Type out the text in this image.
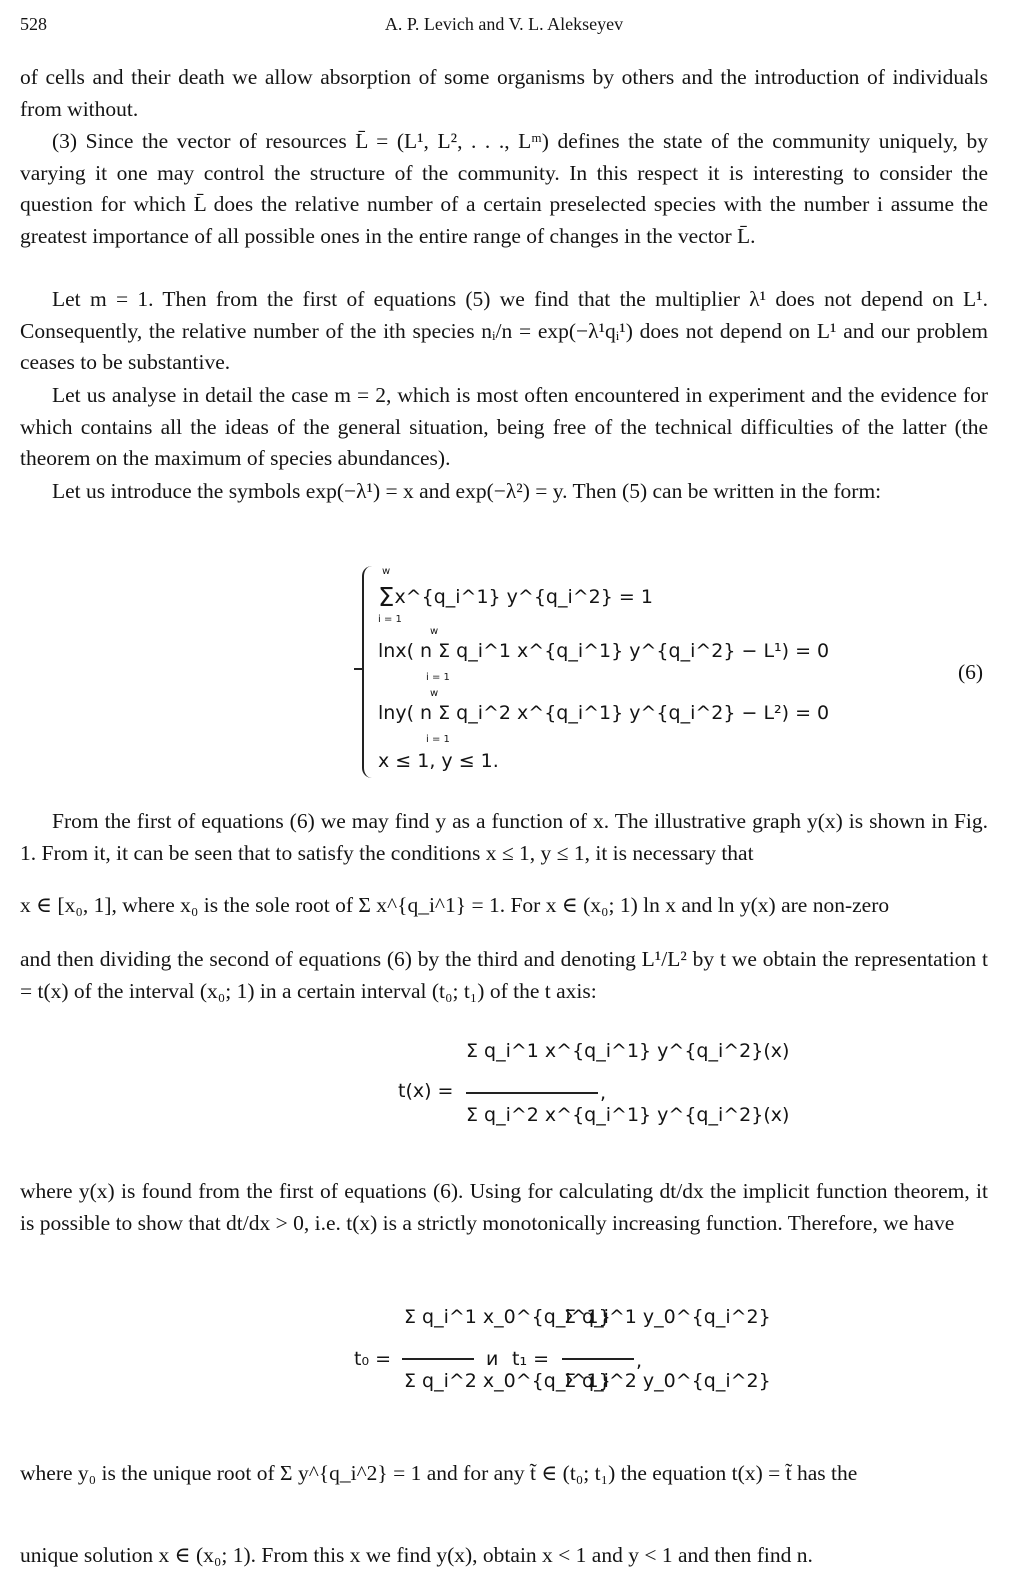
528	A. P. Levich and V. L. Alekseyev

of cells and their death we allow absorption of some organisms by others and the introduction of individuals from without.

(3) Since the vector of resources L̄ = (L¹, L², . . ., Lᵐ) defines the state of the community uniquely, by varying it one may control the structure of the community. In this respect it is interesting to consider the question for which L̄ does the relative number of a certain preselected species with the number i assume the greatest importance of all possible ones in the entire range of changes in the vector L̄.

Let m = 1. Then from the first of equations (5) we find that the multiplier λ¹ does not depend on L¹. Consequently, the relative number of the ith species nᵢ/n = exp(−λ¹qᵢ¹) does not depend on L¹ and our problem ceases to be substantive.

Let us analyse in detail the case m = 2, which is most often encountered in experiment and the evidence for which contains all the ideas of the general situation, being free of the technical difficulties of the latter (the theorem on the maximum of species abundances).

Let us introduce the symbols exp(−λ¹) = x and exp(−λ²) = y. Then (5) can be written in the form:

w
Σx^{q_i^1} y^{q_i^2} = 1
i = 1
w
lnx( n Σ q_i^1 x^{q_i^1} y^{q_i^2} − L¹) = 0
i = 1
w
lny( n Σ q_i^2 x^{q_i^1} y^{q_i^2} − L²) = 0
i = 1
x ≤ 1, y ≤ 1.
(6)

From the first of equations (6) we may find y as a function of x. The illustrative graph y(x) is shown in Fig. 1. From it, it can be seen that to satisfy the conditions x ≤ 1, y ≤ 1, it is necessary that

x ∈ [x₀, 1], where x₀ is the sole root of Σ x^{q_i^1} = 1. For x ∈ (x₀; 1) ln x and ln y(x) are non-zero

and then dividing the second of equations (6) by the third and denoting L¹/L² by t we obtain the representation t = t(x) of the interval (x₀; 1) in a certain interval (t₀; t₁) of the t axis:

t(x) =
Σ q_i^1 x^{q_i^1} y^{q_i^2}(x)
Σ q_i^2 x^{q_i^1} y^{q_i^2}(x)
,

where y(x) is found from the first of equations (6). Using for calculating dt/dx the implicit function theorem, it is possible to show that dt/dx > 0, i.e. t(x) is a strictly monotonically increasing function. Therefore, we have

t₀ =
Σ q_i^1 x_0^{q_i^1}
Σ q_i^2 x_0^{q_i^1}
и t₁ =
Σ q_i^1 y_0^{q_i^2}
Σ q_i^2 y_0^{q_i^2}
,

where y₀ is the unique root of Σ y^{q_i^2} = 1 and for any t̃ ∈ (t₀; t₁) the equation t(x) = t̃ has the

unique solution x ∈ (x₀; 1). From this x we find y(x), obtain x < 1 and y < 1 and then find n.
